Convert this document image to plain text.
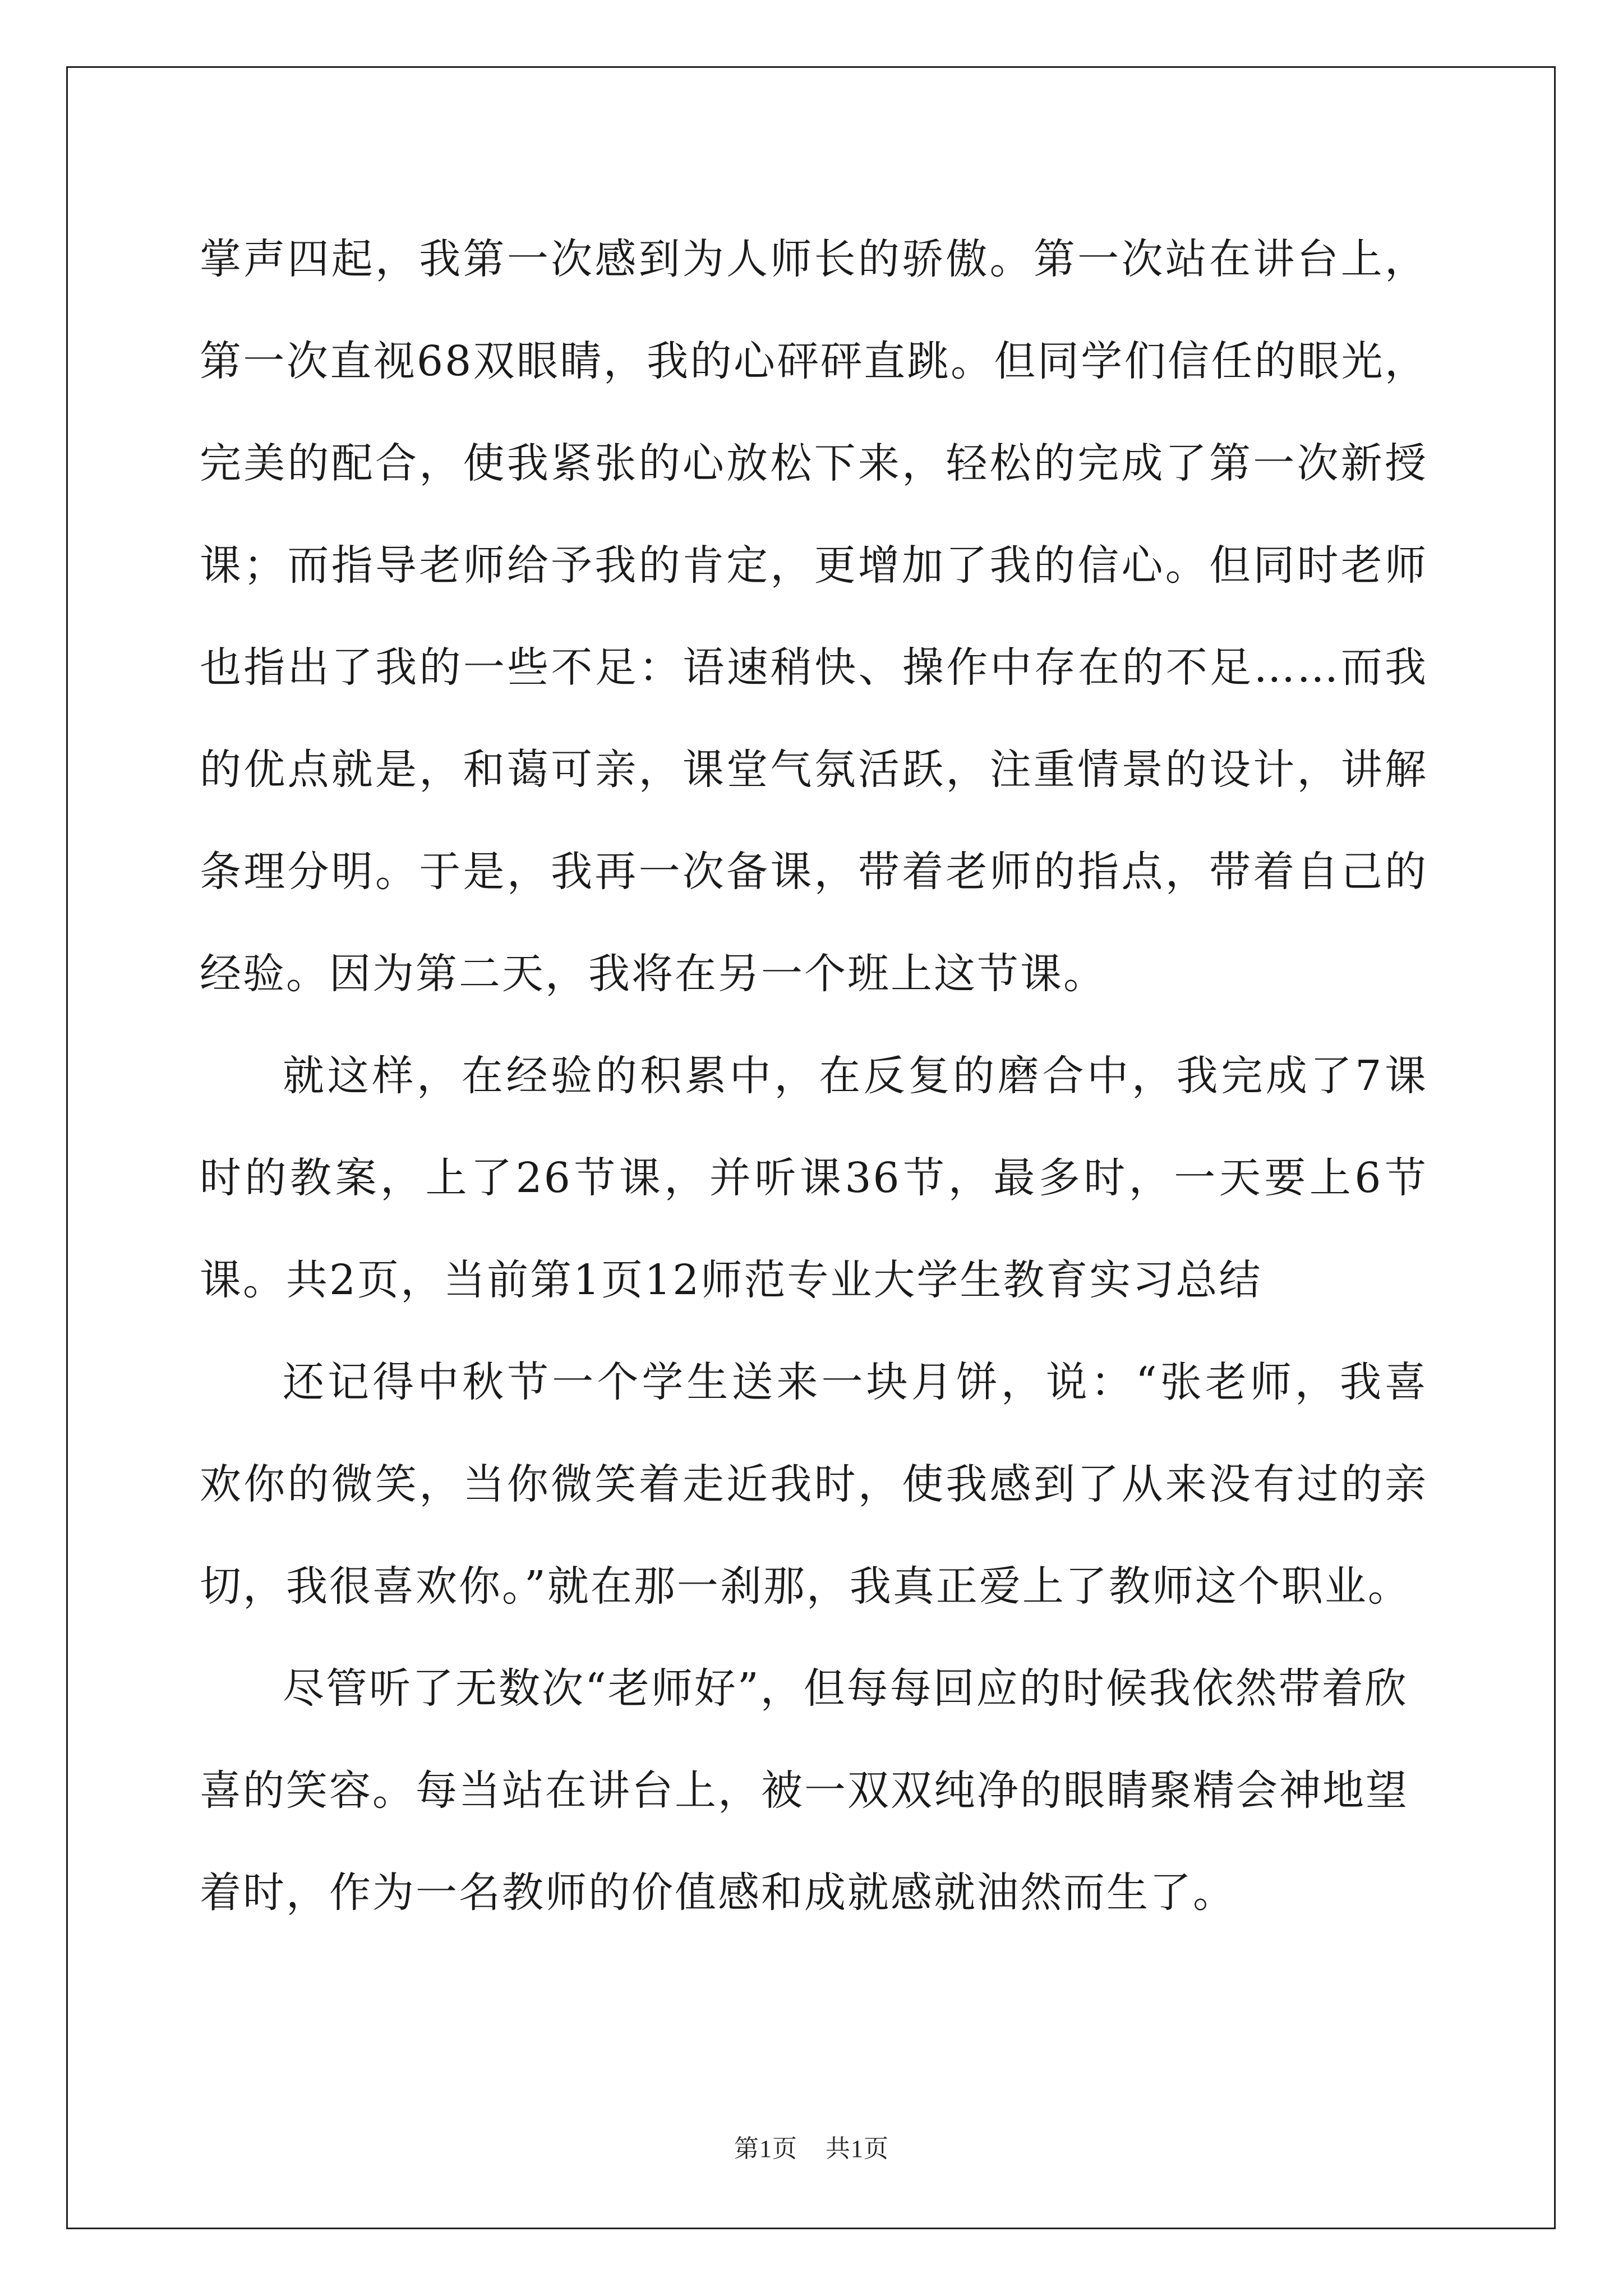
掌声四起，我第一次感到为人师长的骄傲。第一次站在讲台上，第一次直视68双眼睛，我的心砰砰直跳。但同学们信任的眼光，完美的配合，使我紧张的心放松下来，轻松的完成了第一次新授课；而指导老师给予我的肯定，更增加了我的信心。但同时老师也指出了我的一些不足：语速稍快、操作中存在的不足……而我的优点就是，和蔼可亲，课堂气氛活跃，注重情景的设计，讲解条理分明。于是，我再一次备课，带着老师的指点，带着自己的经验。因为第二天，我将在另一个班上这节课。

就这样，在经验的积累中，在反复的磨合中，我完成了7课时的教案，上了26节课，并听课36节，最多时，一天要上6节课。共2页，当前第1页12师范专业大学生教育实习总结

还记得中秋节一个学生送来一块月饼，说：“张老师，我喜欢你的微笑，当你微笑着走近我时，使我感到了从来没有过的亲切，我很喜欢你。”就在那一刹那，我真正爱上了教师这个职业。

尽管听了无数次“老师好”，但每每回应的时候我依然带着欣喜的笑容。每当站在讲台上，被一双双纯净的眼睛聚精会神地望着时，作为一名教师的价值感和成就感就油然而生了。

第1页 共1页
